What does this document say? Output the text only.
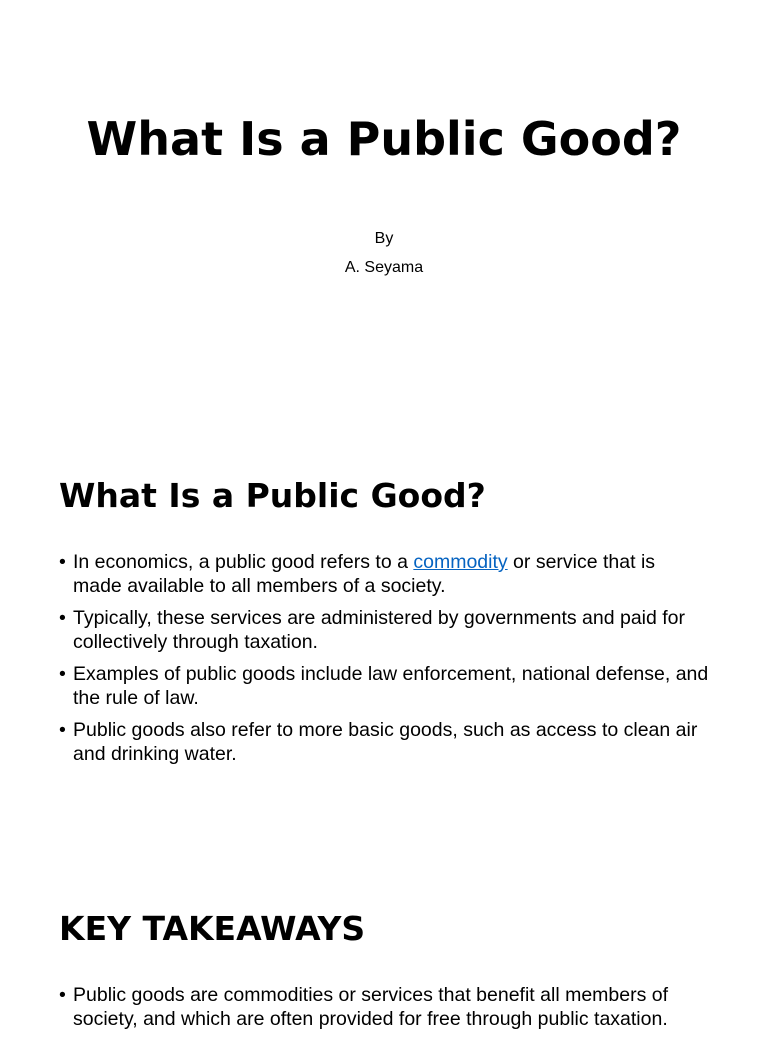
What Is a Public Good?

By

A. Seyama

What Is a Public Good?
• In economics, a public good refers to a commodity or service that is made available to all members of a society.
• Typically, these services are administered by governments and paid for collectively through taxation.
• Examples of public goods include law enforcement, national defense, and the rule of law.
• Public goods also refer to more basic goods, such as access to clean air and drinking water.
KEY TAKEAWAYS
• Public goods are commodities or services that benefit all members of society, and which are often provided for free through public taxation.
